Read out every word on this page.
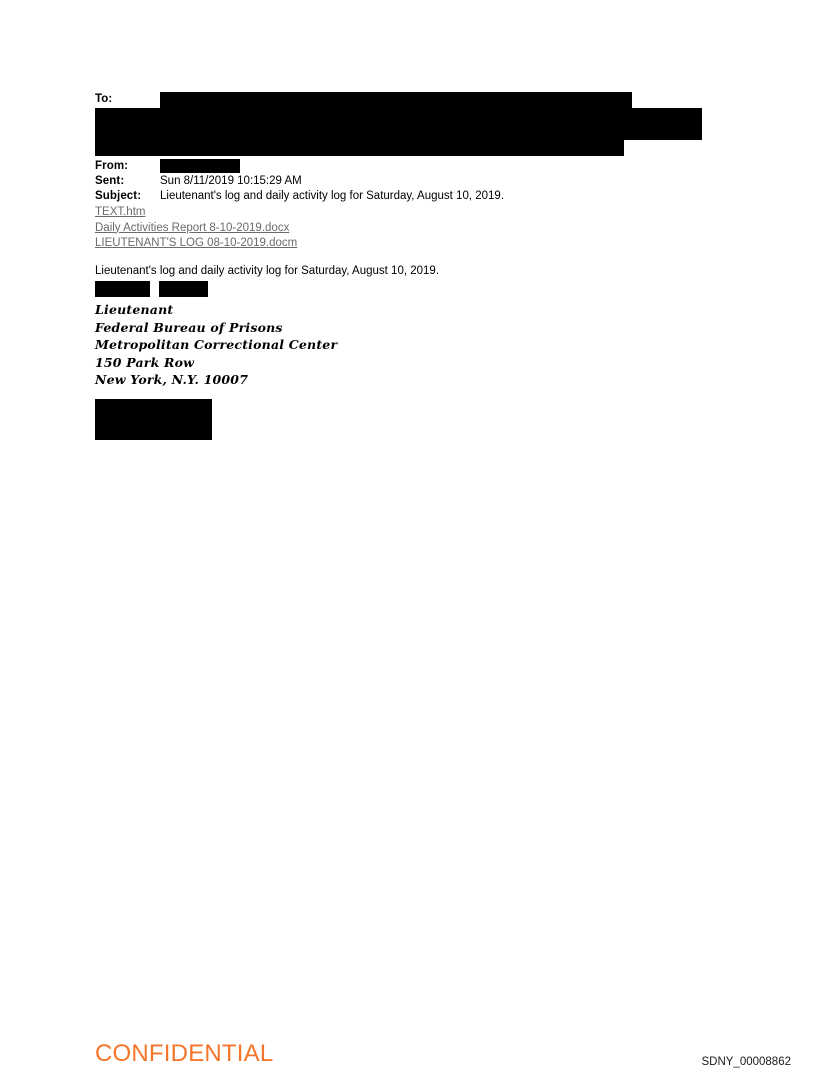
To:
From:
Sent:	Sun 8/11/2019 10:15:29 AM
Subject: Lieutenant's log and daily activity log for Saturday, August 10, 2019.
TEXT.htm
Daily Activities Report 8-10-2019.docx
LIEUTENANT'S LOG 08-10-2019.docm
Lieutenant's log and daily activity log for Saturday, August 10, 2019.
Lieutenant
Federal Bureau of Prisons
Metropolitan Correctional Center
150 Park Row
New York, N.Y. 10007
CONFIDENTIAL	SDNY_00008862
